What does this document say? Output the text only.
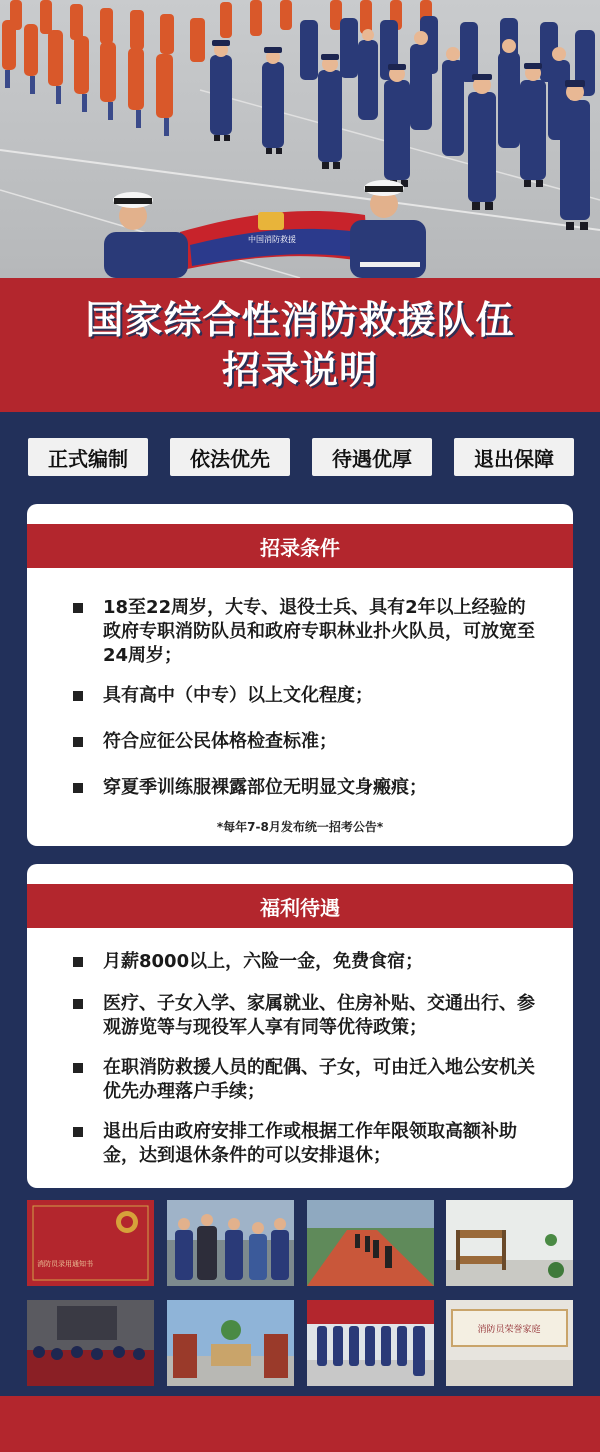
中国消防救援
国家综合性消防救援队伍
招录说明
正式编制	依法优先	待遇优厚	退出保障
招录条件
18至22周岁，大专、退役士兵、具有2年以上经验的政府专职消防队员和政府专职林业扑火队员，可放宽至24周岁；
具有高中（中专）以上文化程度；
符合应征公民体格检查标准；
穿夏季训练服裸露部位无明显文身瘢痕；
*每年7-8月发布统一招考公告*
福利待遇
月薪8000以上，六险一金，免费食宿；
医疗、子女入学、家属就业、住房补贴、交通出行、参观游览等与现役军人享有同等优待政策；
在职消防救援人员的配偶、子女，可由迁入地公安机关优先办理落户手续；
退出后由政府安排工作或根据工作年限领取高额补助金，达到退休条件的可以安排退休；
消防员录用通知书
消防员荣誉家庭
